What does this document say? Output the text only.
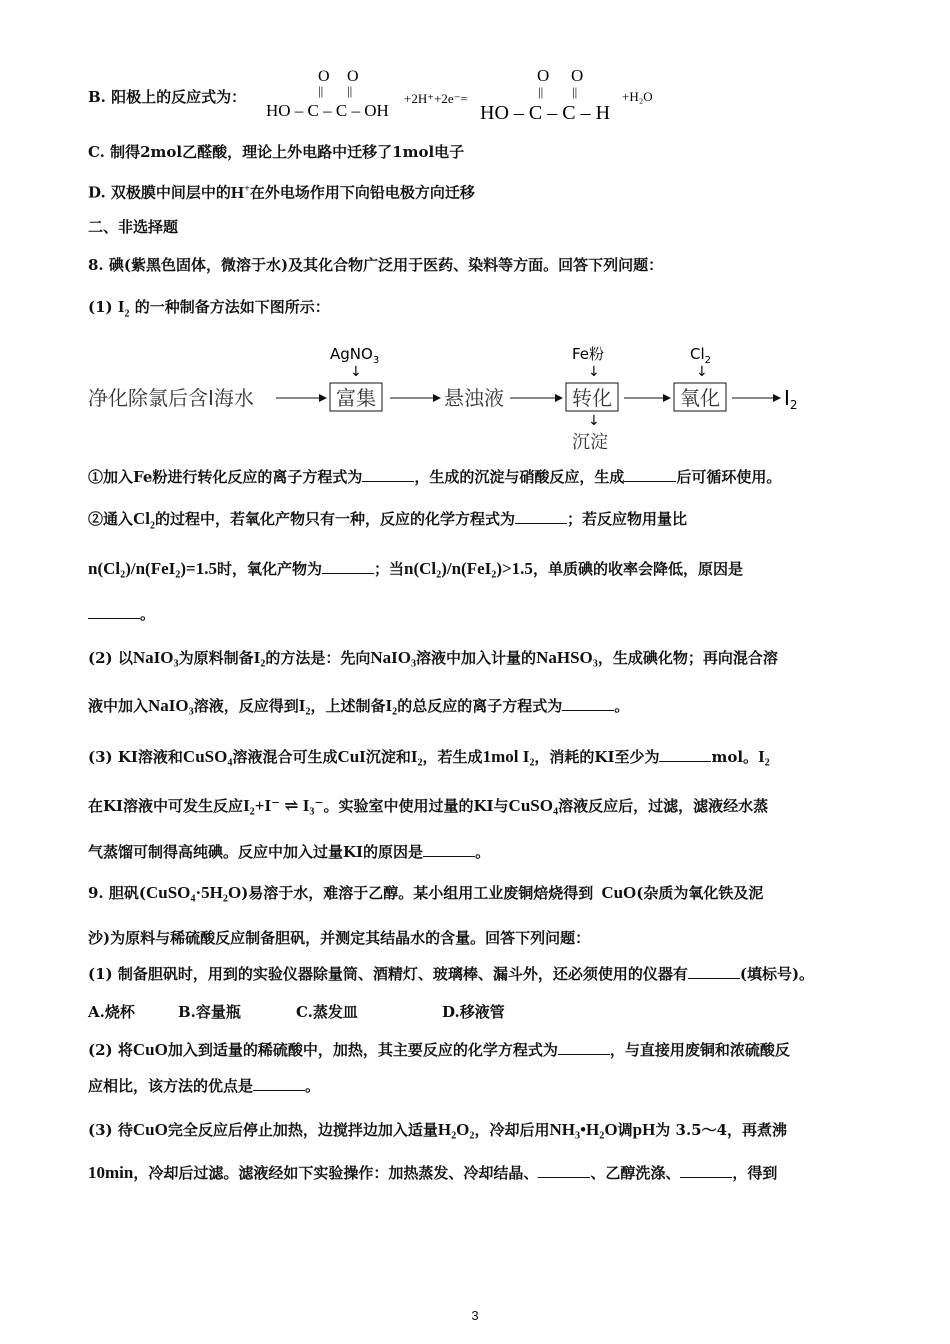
B. 阳极上的反应式为：
O O
|| ||
HO – C – C – OH
+2H⁺+2e⁻=
O O
|| ||
HO – C – C – H
+H₂O
C. 制得2mol乙醛酸，理论上外电路中迁移了1mol电子
D. 双极膜中间层中的H+在外电场作用下向铅电极方向迁移
二、非选择题
8. 碘(紫黑色固体，微溶于水)及其化合物广泛用于医药、染料等方面。回答下列问题：
(1) $I_2$ 的一种制备方法如下图所示：
净化除氯后含I海水	富集
AgNO$_3$
↓
悬浊液	转化
Fe粉
↓
↓
沉淀
氧化
$Cl_2$
↓
$I_2$
①加入Fe粉进行转化反应的离子方程式为	，生成的沉淀与硝酸反应，生成	后可循环使用。
②通入$Cl_2$的过程中，若氧化产物只有一种，反应的化学方程式为	；若反应物用量比
n(Cl₂)/n(FeI₂)=1.5时，氧化产物为	；当n(Cl₂)/n(FeI₂)>1.5，单质碘的收率会降低，原因是
。
(2) 以NaIO₃为原料制备I₂的方法是：先向NaIO₃溶液中加入计量的NaHSO₃，生成碘化物；再向混合溶
液中加入NaIO₃溶液，反应得到I₂，上述制备I₂的总反应的离子方程式为	。
(3) KI溶液和CuSO₄溶液混合可生成CuI沉淀和I₂，若生成1mol I₂，消耗的KI至少为	mol。I₂
在KI溶液中可发生反应I₂+I⁻ ⇌ I₃⁻。实验室中使用过量的KI与CuSO₄溶液反应后，过滤，滤液经水蒸
气蒸馏可制得高纯碘。反应中加入过量KI的原因是	。
9. 胆矾(CuSO₄·5H₂O)易溶于水，难溶于乙醇。某小组用工业废铜焙烧得到 CuO(杂质为氧化铁及泥
沙)为原料与稀硫酸反应制备胆矾，并测定其结晶水的含量。回答下列问题：
(1) 制备胆矾时，用到的实验仪器除量筒、酒精灯、玻璃棒、漏斗外，还必须使用的仪器有	(填标号)。
A.烧杯	B.容量瓶	C.蒸发皿	D.移液管
(2) 将CuO加入到适量的稀硫酸中，加热，其主要反应的化学方程式为	，与直接用废铜和浓硫酸反
应相比，该方法的优点是	。
(3) 待CuO完全反应后停止加热，边搅拌边加入适量H₂O₂，冷却后用NH₃•H₂O调pH为 3.5～4，再煮沸
10min，冷却后过滤。滤液经如下实验操作：加热蒸发、冷却结晶、	、乙醇洗涤、	，得到
3
